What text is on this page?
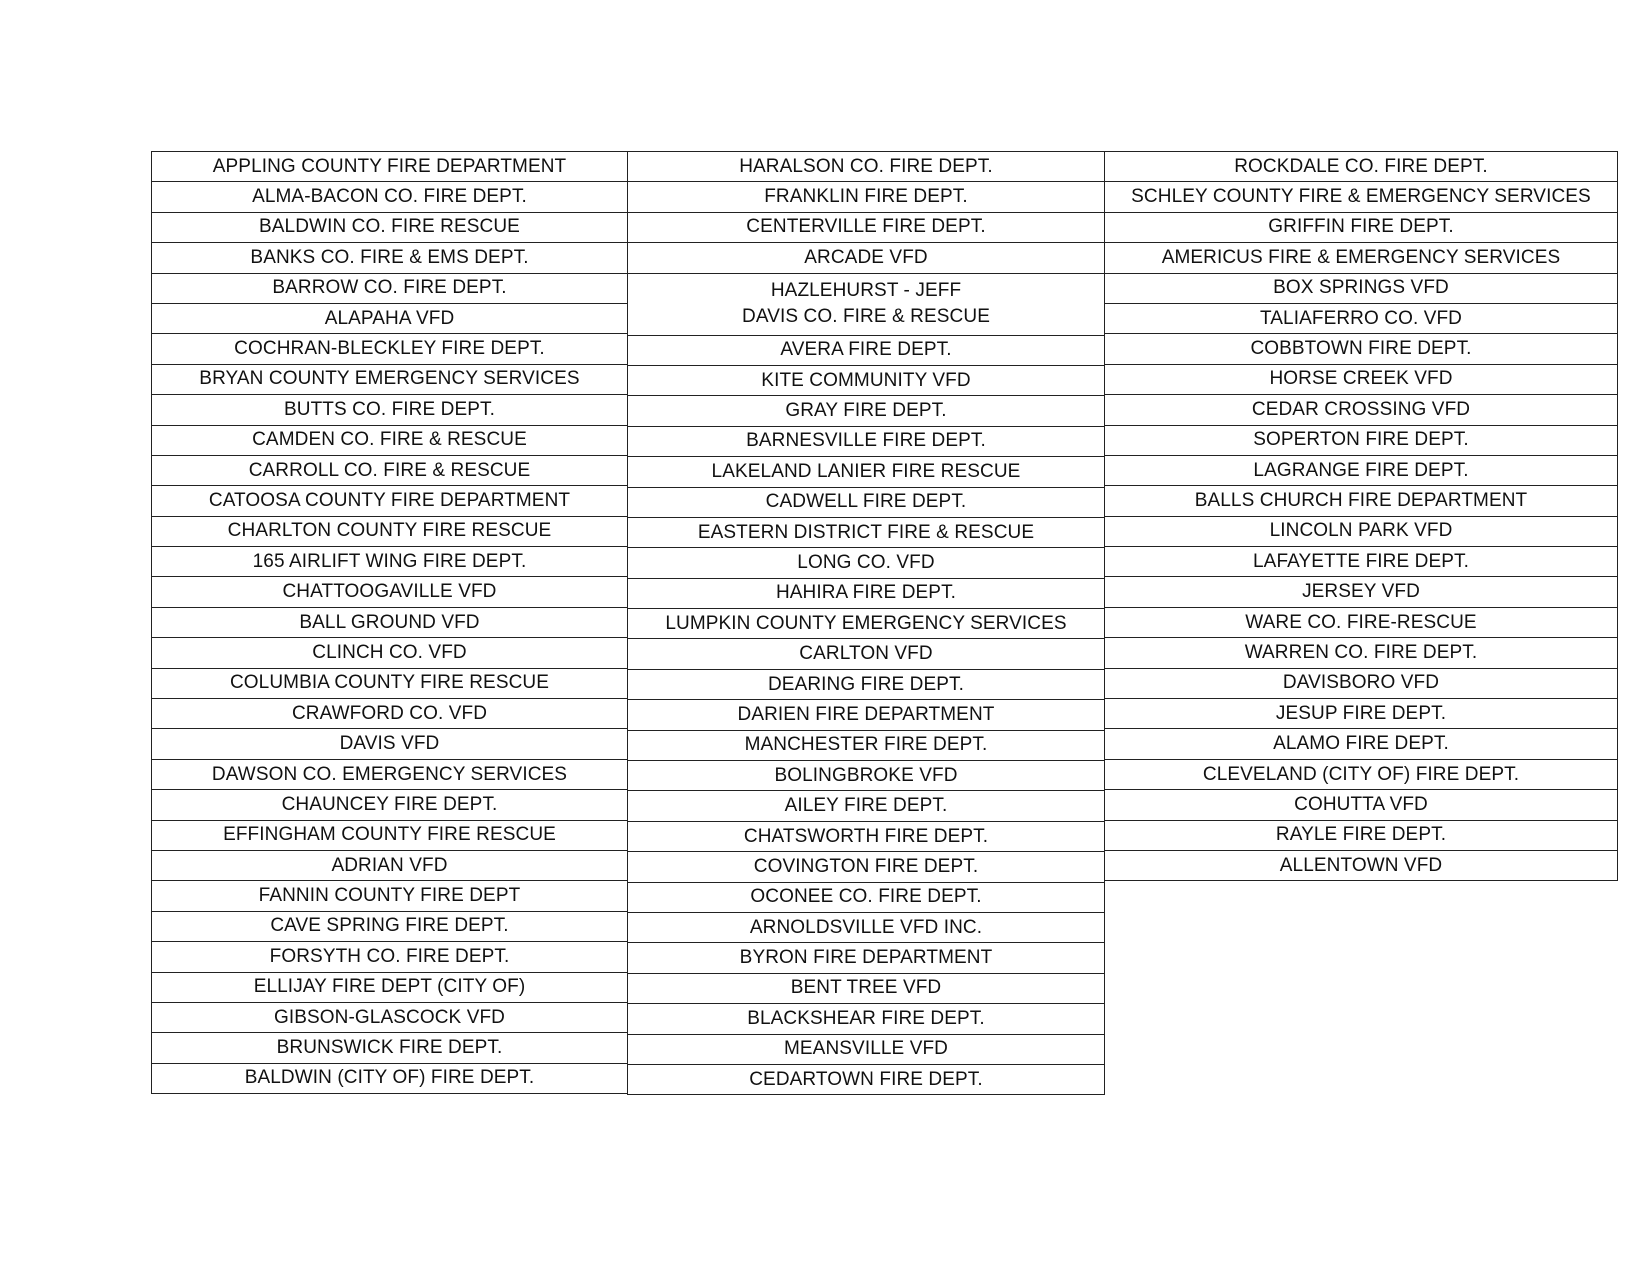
APPLING COUNTY FIRE DEPARTMENT
ALMA-BACON CO. FIRE DEPT.
BALDWIN CO. FIRE RESCUE
BANKS CO. FIRE & EMS DEPT.
BARROW CO. FIRE DEPT.
ALAPAHA VFD
COCHRAN-BLECKLEY FIRE DEPT.
BRYAN COUNTY EMERGENCY SERVICES
BUTTS CO. FIRE DEPT.
CAMDEN CO. FIRE & RESCUE
CARROLL CO. FIRE & RESCUE
CATOOSA COUNTY FIRE DEPARTMENT
CHARLTON COUNTY FIRE RESCUE
165 AIRLIFT WING FIRE DEPT.
CHATTOOGAVILLE VFD
BALL GROUND VFD
CLINCH CO. VFD
COLUMBIA COUNTY FIRE RESCUE
CRAWFORD CO. VFD
DAVIS VFD
DAWSON CO. EMERGENCY SERVICES
CHAUNCEY FIRE DEPT.
EFFINGHAM COUNTY FIRE RESCUE
ADRIAN VFD
FANNIN COUNTY FIRE DEPT
CAVE SPRING FIRE DEPT.
FORSYTH CO. FIRE DEPT.
ELLIJAY FIRE DEPT (CITY OF)
GIBSON-GLASCOCK VFD
BRUNSWICK FIRE DEPT.
BALDWIN (CITY OF) FIRE DEPT.
HARALSON CO. FIRE DEPT.
FRANKLIN FIRE DEPT.
CENTERVILLE FIRE DEPT.
ARCADE VFD
HAZLEHURST - JEFF
DAVIS CO. FIRE & RESCUE
AVERA FIRE DEPT.
KITE COMMUNITY VFD
GRAY FIRE DEPT.
BARNESVILLE FIRE DEPT.
LAKELAND LANIER FIRE RESCUE
CADWELL FIRE DEPT.
EASTERN DISTRICT FIRE & RESCUE
LONG CO. VFD
HAHIRA FIRE DEPT.
LUMPKIN COUNTY EMERGENCY SERVICES
CARLTON VFD
DEARING FIRE DEPT.
DARIEN FIRE DEPARTMENT
MANCHESTER FIRE DEPT.
BOLINGBROKE VFD
AILEY FIRE DEPT.
CHATSWORTH FIRE DEPT.
COVINGTON FIRE DEPT.
OCONEE CO. FIRE DEPT.
ARNOLDSVILLE VFD INC.
BYRON FIRE DEPARTMENT
BENT TREE VFD
BLACKSHEAR FIRE DEPT.
MEANSVILLE VFD
CEDARTOWN FIRE DEPT.
ROCKDALE CO. FIRE DEPT.
SCHLEY COUNTY FIRE & EMERGENCY SERVICES
GRIFFIN FIRE DEPT.
AMERICUS FIRE & EMERGENCY SERVICES
BOX SPRINGS VFD
TALIAFERRO CO. VFD
COBBTOWN FIRE DEPT.
HORSE CREEK VFD
CEDAR CROSSING VFD
SOPERTON FIRE DEPT.
LAGRANGE FIRE DEPT.
BALLS CHURCH FIRE DEPARTMENT
LINCOLN PARK VFD
LAFAYETTE FIRE DEPT.
JERSEY VFD
WARE CO. FIRE-RESCUE
WARREN CO. FIRE DEPT.
DAVISBORO VFD
JESUP FIRE DEPT.
ALAMO FIRE DEPT.
CLEVELAND (CITY OF) FIRE DEPT.
COHUTTA VFD
RAYLE FIRE DEPT.
ALLENTOWN VFD
